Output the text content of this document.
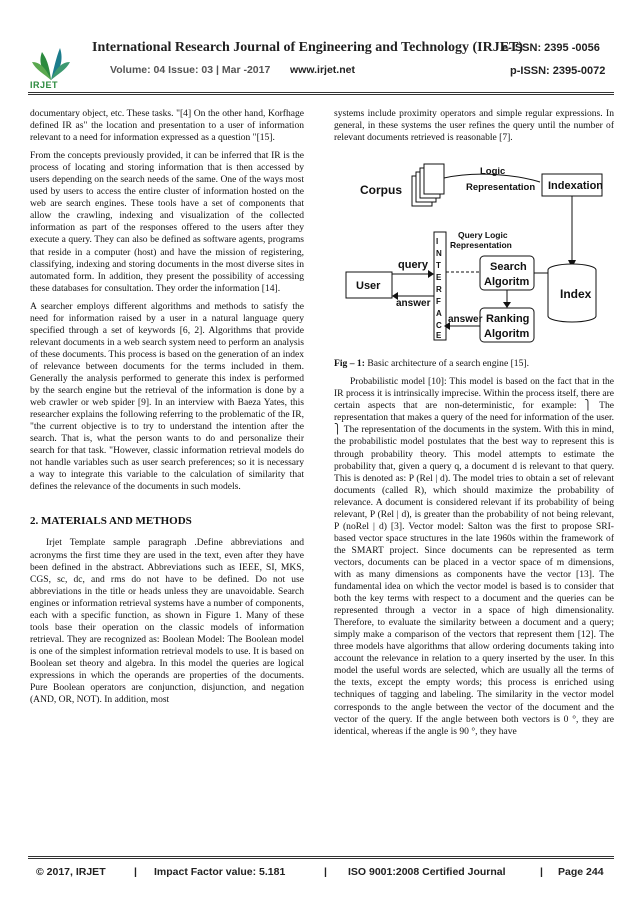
IRJET
International Research Journal of Engineering and Technology (IRJET)
e-ISSN: 2395 -0056
Volume: 04 Issue: 03 | Mar -2017 www.irjet.net	p-ISSN: 2395-0072

documentary object, etc. These tasks. "[4] On the other hand, Korfhage defined IR as" the location and presentation to a user of information relevant to a need for information expressed as a question "[15].

From the concepts previously provided, it can be inferred that IR is the process of locating and storing information that is then accessed by users depending on the search needs of the same. One of the ways most used by users to access the entire cluster of information hosted on the web are search engines. These tools have a set of components that allow the crawling, indexing and visualization of the collected information as part of the responses offered to the users after they execute a query. They can also be defined as software agents, programs that reside in a computer (host) and have the mission of registering, classifying, indexing and storing documents in the most diverse sites in automated form. In addition, they present the possibility of accessing these databases for consultation. They order the information [14].

A searcher employs different algorithms and methods to satisfy the need for information raised by a user in a natural language query specified through a set of keywords [6, 2]. Algorithms that provide relevant documents in a web search system need to perform an analysis of these documents. This process is based on the generation of an index of relevance between documents for the terms included in them. Generally the analysis performed to generate this index is performed by the search engine but the retrieval of the information is done by a web crawler or web spider [9]. In an interview with Baeza Yates, this researcher explains the following referring to the problematic of the IR, "the current objective is to try to understand the intention after the search. That is, what the person wants to do and personalize their search for that task. "However, classic information retrieval models do not handle variables such as user search preferences; so it is necessary a way to integrate this variable to the calculation of similarity that defines the relevance of the documents in such models.

2. MATERIALS AND METHODS

Irjet Template sample paragraph .Define abbreviations and acronyms the first time they are used in the text, even after they have been defined in the abstract. Abbreviations such as IEEE, SI, MKS, CGS, sc, dc, and rms do not have to be defined. Do not use abbreviations in the title or heads unless they are unavoidable. Search engines or information retrieval systems have a number of components, each with a specific function, as shown in Figure 1. Many of these tools base their operation on the classic models of information retrieval. They are recognized as: Boolean Model: The Boolean model is one of the simplest information retrieval models to use. It is based on Boolean set theory and algebra. In this model the queries are logical expressions in which the operands are properties of the documents. Pure Boolean operators are conjunction, disjunction, and negation (AND, OR, NOT). In addition, most

systems include proximity operators and simple regular expressions. In general, in these systems the user refines the query until the number of relevant documents retrieved is reasonable [7].

Corpus
Logic
Representation Indexation
Query Logic
Representation
I
N
T
E
R
F
A
C
E
User
query
answer
Search
Algoritm
Index
Ranking
Algoritm
answer

Fig – 1: Basic architecture of a search engine [15].

Probabilistic model [10]: This model is based on the fact that in the IR process it is intrinsically imprecise. Within the process itself, there are certain aspects that are non-deterministic, for example: ⎫ The representation that makes a query of the need for information of the user. ⎫ The representation of the documents in the system. With this in mind, the probabilistic model postulates that the best way to represent this is through probability theory. This model attempts to estimate the probability that, given a query q, a document d is relevant to that query. This is denoted as: P (Rel | d). The model tries to obtain a set of relevant documents (called R), which should maximize the probability of relevance. A document is considered relevant if its probability of being relevant, P (Rel | d), is greater than the probability of not being relevant, P (noRel | d) [3]. Vector model: Salton was the first to propose SRI-based vector space structures in the late 1960s within the framework of the SMART project. Since documents can be represented as term vectors, documents can be placed in a vector space of m dimensions, with as many dimensions as components have the vector [13]. The fundamental idea on which the vector model is based is to consider that both the key terms with respect to a document and the queries can be represented through a vector in a space of high dimensionality. Therefore, to evaluate the similarity between a document and a query; simply make a comparison of the vectors that represent them [12]. The three models have algorithms that allow ordering documents taking into account the relevance in relation to a query inserted by the user. In this model the useful words are selected, which are usually all the terms of the texts, except the empty words; this process is enriched using techniques of tagging and labeling. The similarity in the vector model corresponds to the angle between the vector of the document and the vector of the query. If the angle between both vectors is 0 °, they are identical, whereas if the angle is 90 °, they have

© 2017, IRJET	| Impact Factor value: 5.181	| ISO 9001:2008 Certified Journal	| Page 244
